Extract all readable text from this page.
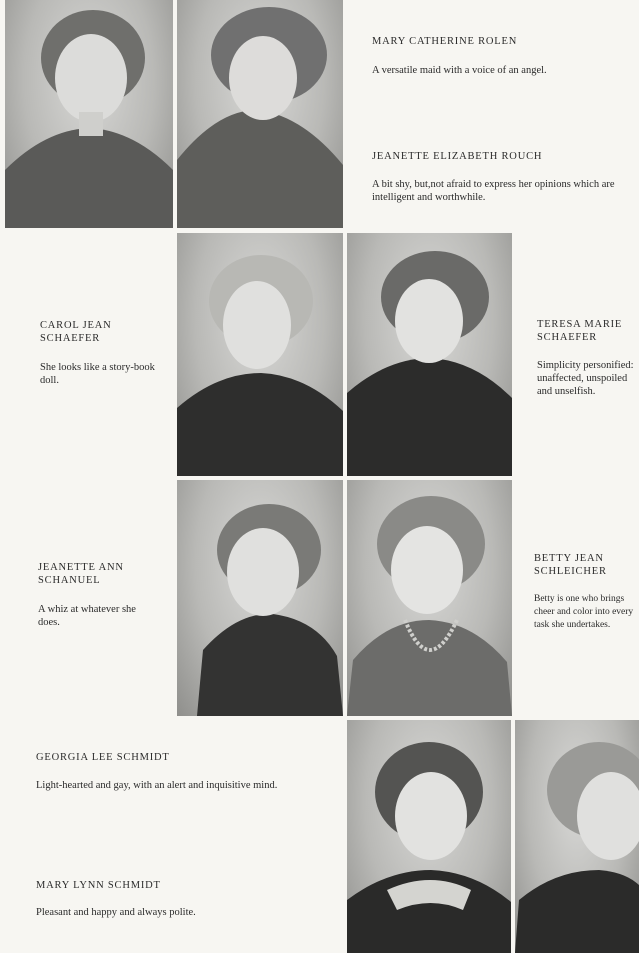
MARY CATHERINE ROLEN
A versatile maid with a voice of an angel.
JEANETTE ELIZABETH ROUCH
A bit shy, but,not afraid to express her opinions which are intelligent and worthwhile.
CAROL JEAN SCHAEFER
She looks like a story-book doll.
TERESA MARIE SCHAEFER
Simplicity personified: unaffected, unspoiled and unselfish.
JEANETTE ANN SCHANUEL
A whiz at whatever she does.
BETTY JEAN SCHLEICHER
Betty is one who brings cheer and color into every task she undertakes.
GEORGIA LEE SCHMIDT
Light-hearted and gay, with an alert and inquisitive mind.
MARY LYNN SCHMIDT
Pleasant and happy and always polite.
